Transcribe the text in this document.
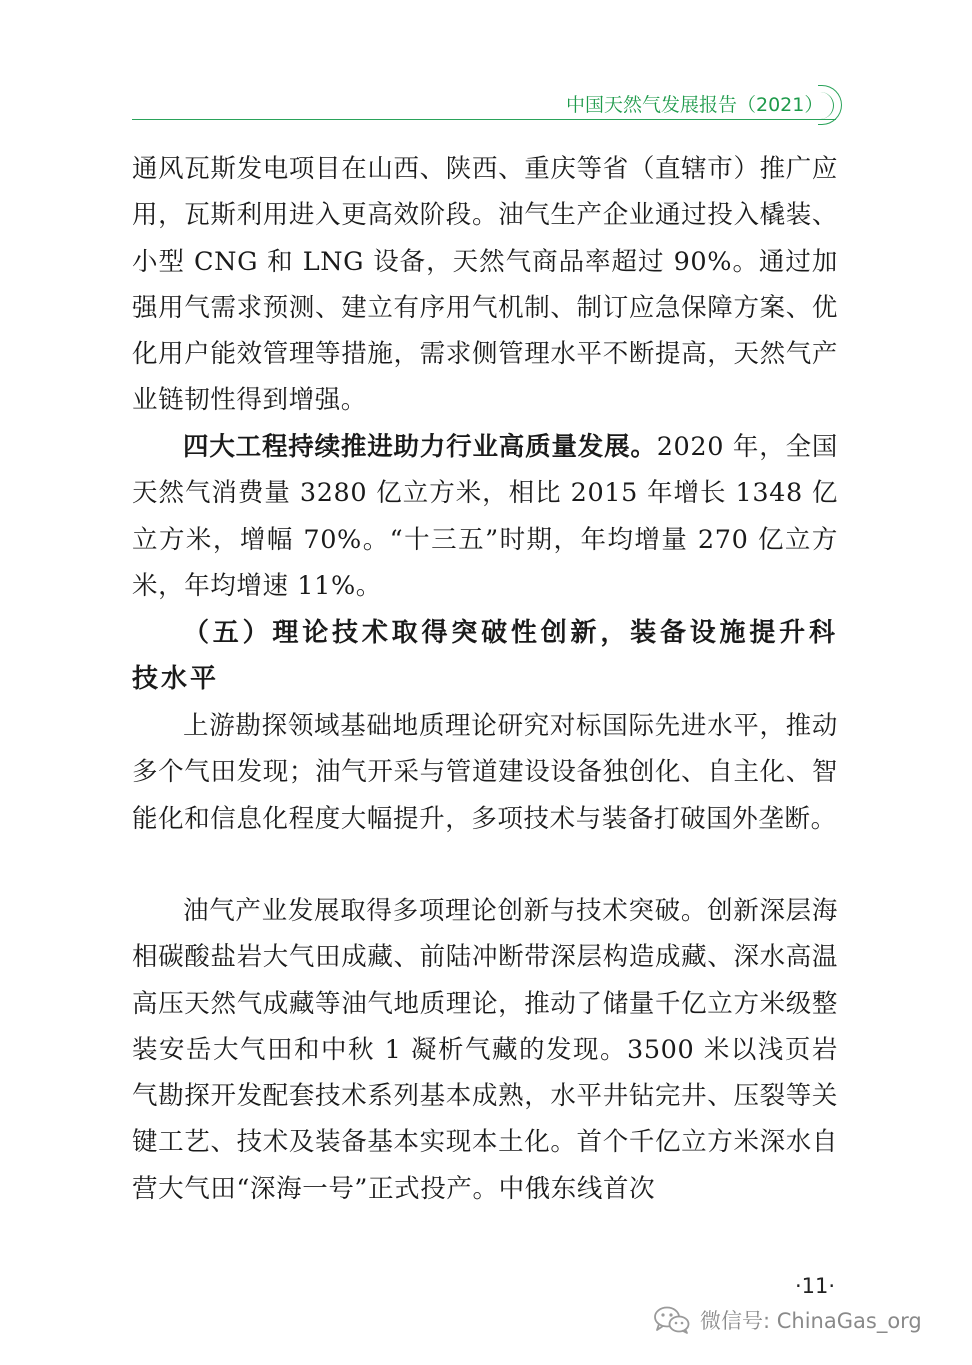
中国天然气发展报告（2021）

通风瓦斯发电项目在山西、陕西、重庆等省（直辖市）推广应用，瓦斯利用进入更高效阶段。油气生产企业通过投入橇装、小型 CNG 和 LNG 设备，天然气商品率超过 90%。通过加强用气需求预测、建立有序用气机制、制订应急保障方案、优化用户能效管理等措施，需求侧管理水平不断提高，天然气产业链韧性得到增强。

四大工程持续推进助力行业高质量发展。2020 年，全国天然气消费量 3280 亿立方米，相比 2015 年增长 1348 亿立方米，增幅 70%。“十三五”时期，年均增量 270 亿立方米，年均增速 11%。

（五）理论技术取得突破性创新，装备设施提升科技水平

上游勘探领域基础地质理论研究对标国际先进水平，推动多个气田发现；油气开采与管道建设设备独创化、自主化、智能化和信息化程度大幅提升，多项技术与装备打破国外垄断。

油气产业发展取得多项理论创新与技术突破。创新深层海相碳酸盐岩大气田成藏、前陆冲断带深层构造成藏、深水高温高压天然气成藏等油气地质理论，推动了储量千亿立方米级整装安岳大气田和中秋 1 凝析气藏的发现。3500 米以浅页岩气勘探开发配套技术系列基本成熟，水平井钻完井、压裂等关键工艺、技术及装备基本实现本土化。首个千亿立方米深水自营大气田“深海一号”正式投产。中俄东线首次

·11·
微信号: ChinaGas_org
